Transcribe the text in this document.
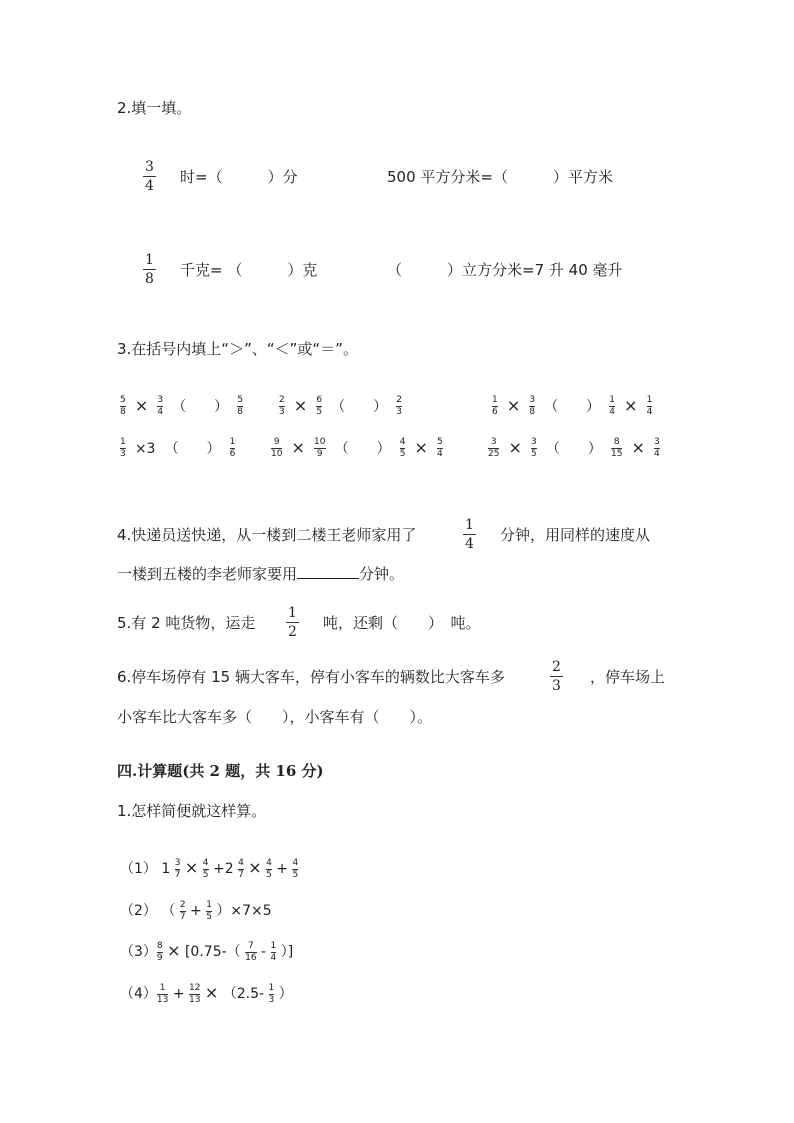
2.填一填。
$\frac{3}{4}$ 时=（　　　）分	500 平方分米=（　　　）平方米
$\frac{1}{8}$ 千克= （　　　）克	（　　　）立方分米=7 升 40 毫升
3.在括号内填上“＞”、“＜”或“＝”。
$\frac{5}{8} \times \frac{3}{4}$ （　　） $\frac{5}{8}$	$\frac{2}{3} \times \frac{6}{5}$ （　　） $\frac{2}{3}$	$\frac{1}{6} \times \frac{3}{8}$ （　　） $\frac{1}{4} \times \frac{1}{4}$
$\frac{1}{3} \times 3$ （　　） $\frac{1}{6}$	$\frac{9}{10} \times \frac{10}{9}$ （　　） $\frac{4}{5} \times \frac{5}{4}$	$\frac{3}{25} \times \frac{3}{5}$ （　　） $\frac{8}{15} \times \frac{3}{4}$
4.快递员送快递，从一楼到二楼王老师家用了	$\frac{1}{4}$ 分钟，用同样的速度从
一楼到五楼的李老师家要用	分钟。
5.有 2 吨货物，运走 $\frac{1}{2}$ 吨，还剩（　　）　吨。
6.停车场停有 15 辆大客车，停有小客车的辆数比大客车多	$\frac{2}{3}$ ，停车场上
小客车比大客车多（　　），小客车有（　　）。
四.计算题(共 2 题，共 16 分)
1.怎样简便就这样算。
（1） $1 \frac{3}{7} \times \frac{4}{5} +2 \frac{4}{7} \times \frac{4}{5} + \frac{4}{5}$
（2） （ $\frac{2}{7} + \frac{1}{5} )\times 7\times 5$
$(3) \frac{8}{9} \times [0.75-( \frac{7}{16} - \frac{1}{4}$ ）]
$(4) \frac{1}{13} + \frac{12}{13} \times (2.5- \frac{1}{3}$ ）
